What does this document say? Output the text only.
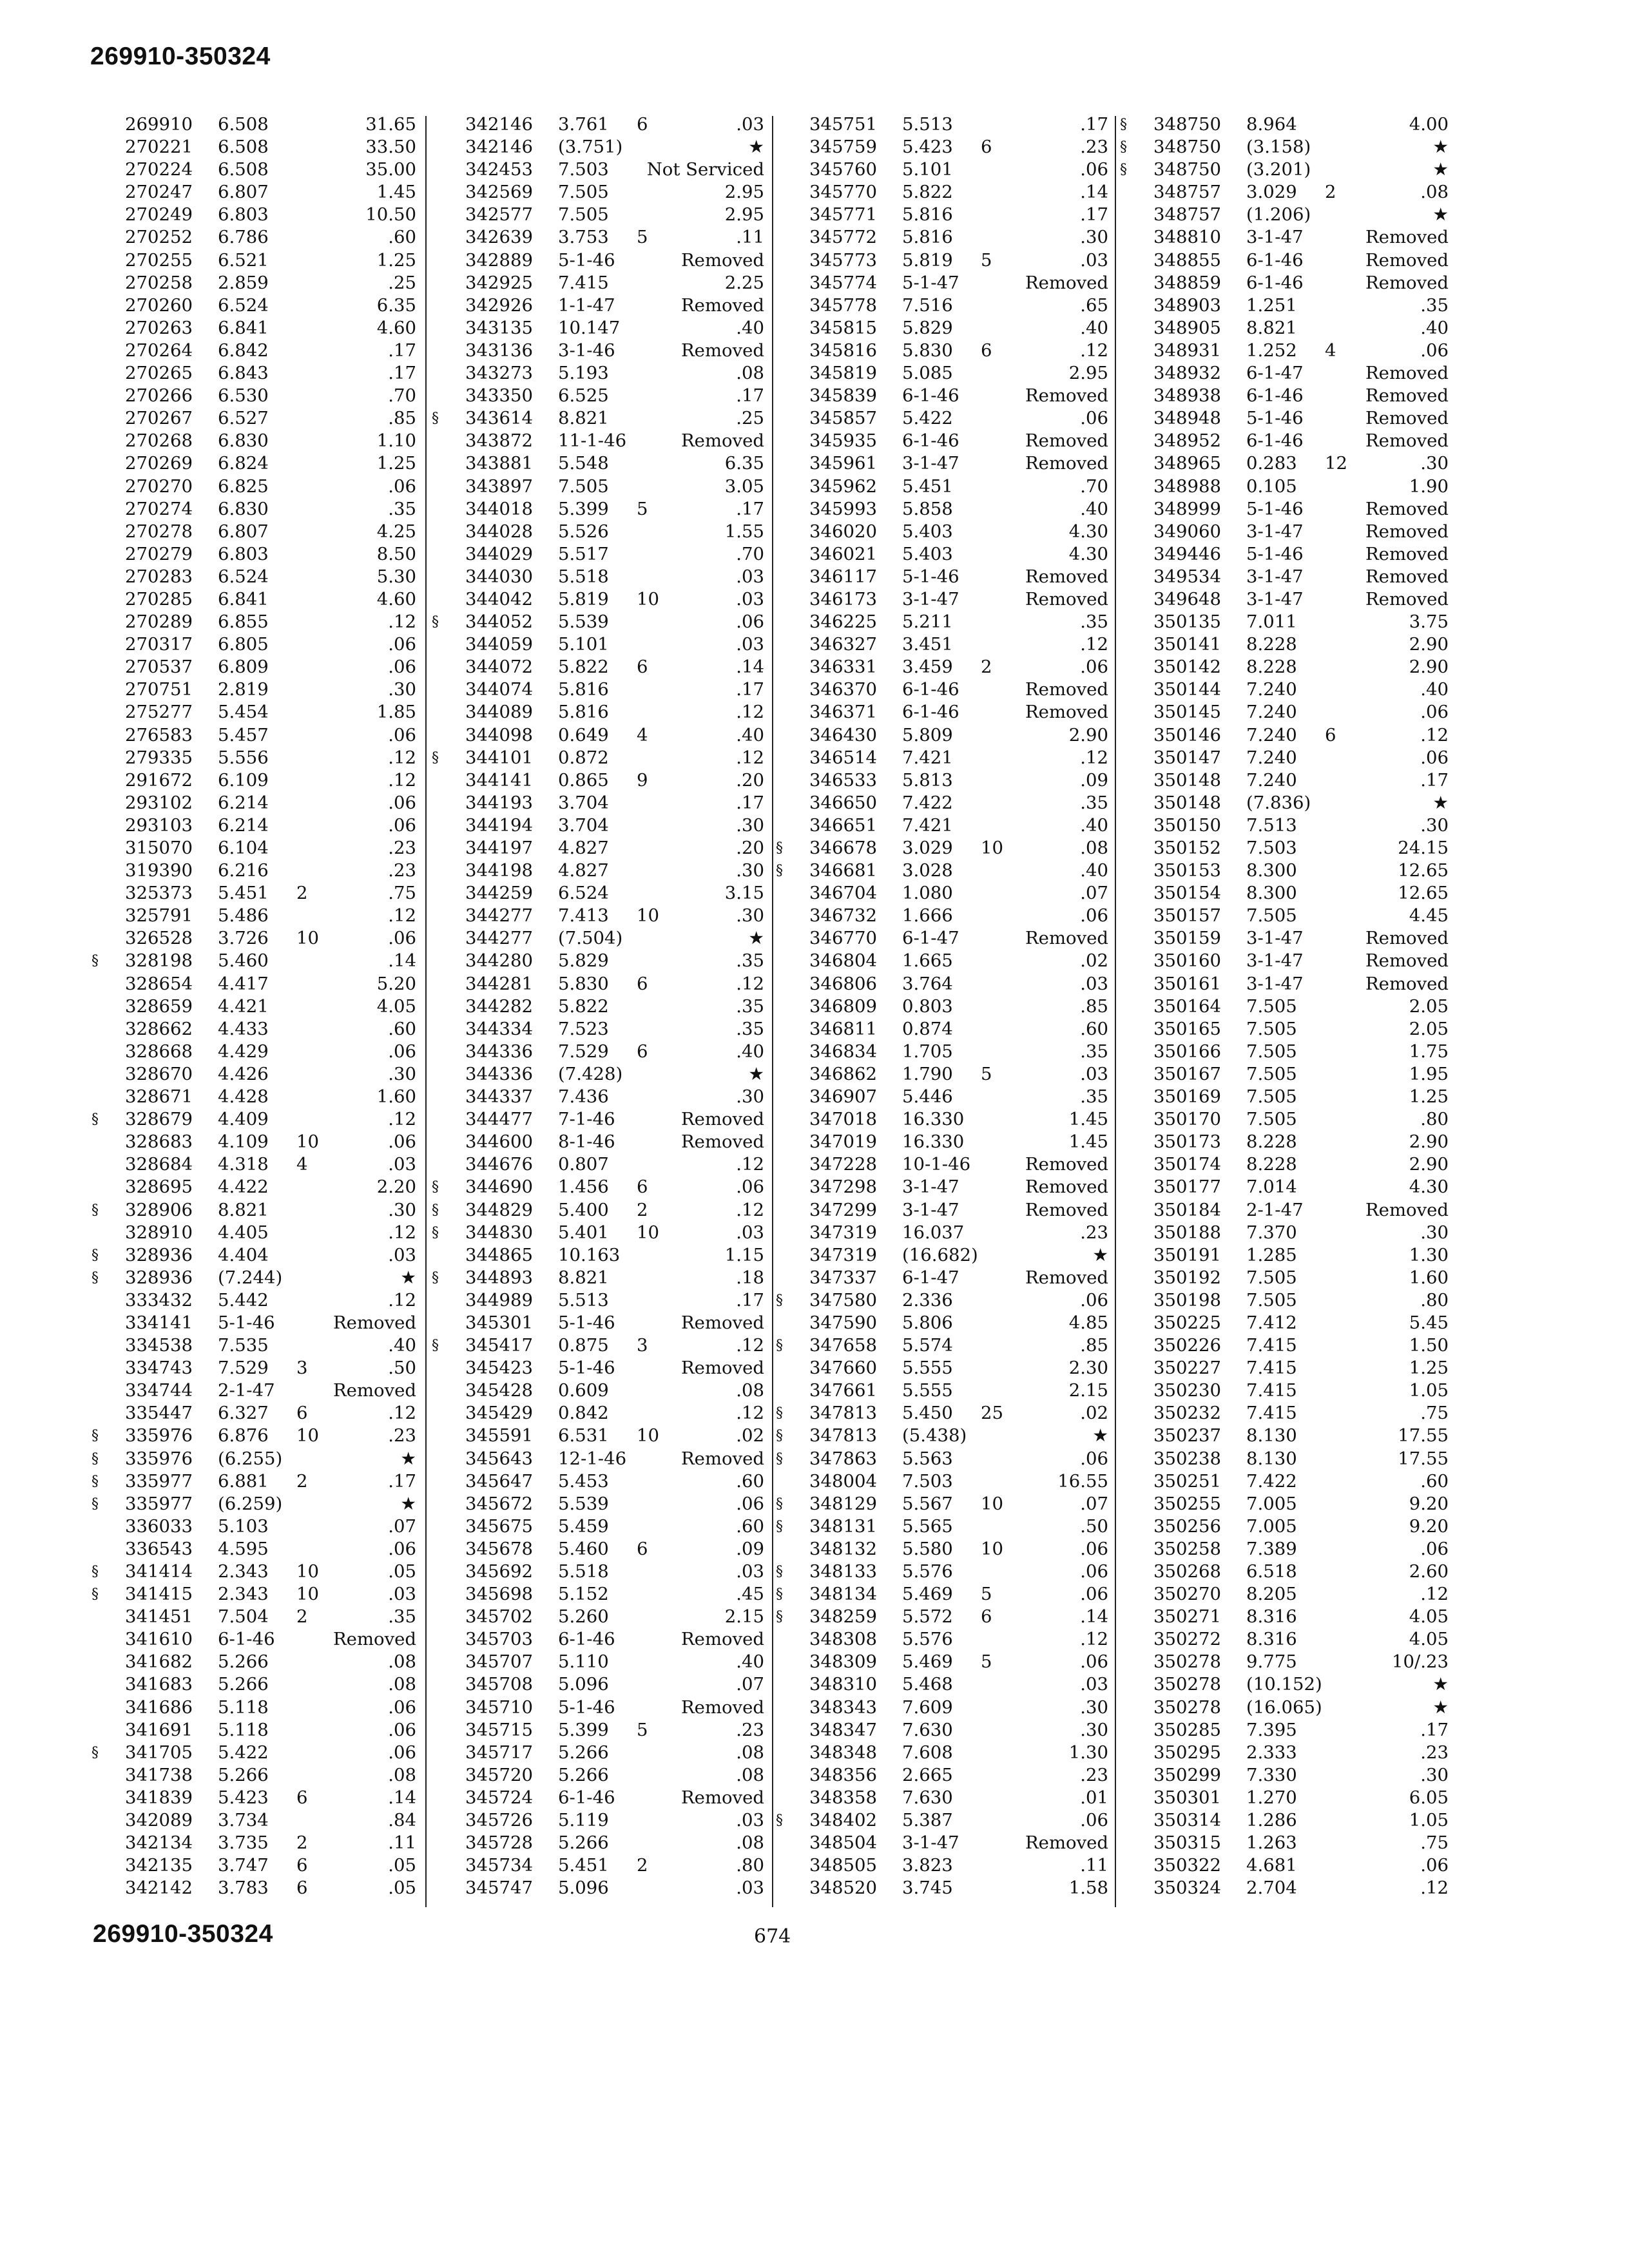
269910-350324
269910 6.508	31.65
270221 6.508	33.50
270224 6.508	35.00
270247 6.807	1.45
270249 6.803	10.50
270252 6.786	.60
270255 6.521	1.25
270258 2.859	.25
270260 6.524	6.35
270263 6.841	4.60
270264 6.842	.17
270265 6.843	.17
270266 6.530	.70
270267 6.527	.85
270268 6.830	1.10
270269 6.824	1.25
270270 6.825	.06
270274 6.830	.35
270278 6.807	4.25
270279 6.803	8.50
270283 6.524	5.30
270285 6.841	4.60
270289 6.855	.12
270317 6.805	.06
270537 6.809	.06
270751 2.819	.30
275277 5.454	1.85
276583 5.457	.06
279335 5.556	.12
291672 6.109	.12
293102 6.214	.06
293103 6.214	.06
315070 6.104	.23
319390 6.216	.23
325373 5.451 2	.75
325791 5.486	.12
326528 3.726 10	.06
§	328198 5.460	.14
328654 4.417	5.20
328659 4.421	4.05
328662 4.433	.60
328668 4.429	.06
328670 4.426	.30
328671 4.428	1.60
§	328679 4.409	.12
328683 4.109 10	.06
328684 4.318 4	.03
328695 4.422	2.20
§	328906 8.821	.30
328910 4.405	.12
§	328936 4.404	.03
§	328936 (7.244)	★
333432 5.442	.12
334141 5-1-46	Removed
334538 7.535	.40
334743 7.529 3	.50
334744 2-1-47	Removed
335447 6.327 6	.12
§	335976 6.876 10	.23
§	335976 (6.255)	★
§	335977 6.881 2	.17
§	335977 (6.259)	★
336033 5.103	.07
336543 4.595	.06
§	341414 2.343 10	.05
§	341415 2.343 10	.03
341451 7.504 2	.35
341610 6-1-46	Removed
341682 5.266	.08
341683 5.266	.08
341686 5.118	.06
341691 5.118	.06
§	341705 5.422	.06
341738 5.266	.08
341839 5.423 6	.14
342089 3.734	.84
342134 3.735 2	.11
342135 3.747 6	.05
342142 3.783 6	.05
342146 3.761 6	.03
342146 (3.751)	★
342453 7.503 Not Serviced
342569 7.505	2.95
342577 7.505	2.95
342639 3.753 5	.11
342889 5-1-46	Removed
342925 7.415	2.25
342926 1-1-47	Removed
343135 10.147	.40
343136 3-1-46	Removed
343273 5.193	.08
343350 6.525	.17
§	343614 8.821	.25
343872 11-1-46	Removed
343881 5.548	6.35
343897 7.505	3.05
344018 5.399 5	.17
344028 5.526	1.55
344029 5.517	.70
344030 5.518	.03
344042 5.819 10	.03
§	344052 5.539	.06
344059 5.101	.03
344072 5.822 6	.14
344074 5.816	.17
344089 5.816	.12
344098 0.649 4	.40
§	344101 0.872	.12
344141 0.865 9	.20
344193 3.704	.17
344194 3.704	.30
344197 4.827	.20
344198 4.827	.30
344259 6.524	3.15
344277 7.413 10	.30
344277 (7.504)	★
344280 5.829	.35
344281 5.830 6	.12
344282 5.822	.35
344334 7.523	.35
344336 7.529 6	.40
344336 (7.428)	★
344337 7.436	.30
344477 7-1-46	Removed
344600 8-1-46	Removed
344676 0.807	.12
§	344690 1.456 6	.06
§	344829 5.400 2	.12
§	344830 5.401 10	.03
344865 10.163	1.15
§	344893 8.821	.18
344989 5.513	.17
345301 5-1-46	Removed
§	345417 0.875 3	.12
345423 5-1-46	Removed
345428 0.609	.08
345429 0.842	.12
345591 6.531 10	.02
345643 12-1-46	Removed
345647 5.453	.60
345672 5.539	.06
345675 5.459	.60
345678 5.460 6	.09
345692 5.518	.03
345698 5.152	.45
345702 5.260	2.15
345703 6-1-46	Removed
345707 5.110	.40
345708 5.096	.07
345710 5-1-46	Removed
345715 5.399 5	.23
345717 5.266	.08
345720 5.266	.08
345724 6-1-46	Removed
345726 5.119	.03
345728 5.266	.08
345734 5.451 2	.80
345747 5.096	.03
345751 5.513	.17
345759 5.423 6	.23
345760 5.101	.06
345770 5.822	.14
345771 5.816	.17
345772 5.816	.30
345773 5.819 5	.03
345774 5-1-47	Removed
345778 7.516	.65
345815 5.829	.40
345816 5.830 6	.12
345819 5.085	2.95
345839 6-1-46	Removed
345857 5.422	.06
345935 6-1-46	Removed
345961 3-1-47	Removed
345962 5.451	.70
345993 5.858	.40
346020 5.403	4.30
346021 5.403	4.30
346117 5-1-46	Removed
346173 3-1-47	Removed
346225 5.211	.35
346327 3.451	.12
346331 3.459 2	.06
346370 6-1-46	Removed
346371 6-1-46	Removed
346430 5.809	2.90
346514 7.421	.12
346533 5.813	.09
346650 7.422	.35
346651 7.421	.40
§	346678 3.029 10	.08
§	346681 3.028	.40
346704 1.080	.07
346732 1.666	.06
346770 6-1-47	Removed
346804 1.665	.02
346806 3.764	.03
346809 0.803	.85
346811 0.874	.60
346834 1.705	.35
346862 1.790 5	.03
346907 5.446	.35
347018 16.330	1.45
347019 16.330	1.45
347228 10-1-46	Removed
347298 3-1-47	Removed
347299 3-1-47	Removed
347319 16.037	.23
347319 (16.682)	★
347337 6-1-47	Removed
§	347580 2.336	.06
347590 5.806	4.85
§	347658 5.574	.85
347660 5.555	2.30
347661 5.555	2.15
§	347813 5.450 25	.02
§	347813 (5.438)	★
§	347863 5.563	.06
348004 7.503	16.55
§	348129 5.567 10	.07
§	348131 5.565	.50
348132 5.580 10	.06
§	348133 5.576	.06
§	348134 5.469 5	.06
§	348259 5.572 6	.14
348308 5.576	.12
348309 5.469 5	.06
348310 5.468	.03
348343 7.609	.30
348347 7.630	.30
348348 7.608	1.30
348356 2.665	.23
348358 7.630	.01
§	348402 5.387	.06
348504 3-1-47	Removed
348505 3.823	.11
348520 3.745	1.58
§	348750 8.964	4.00
§	348750 (3.158)	★
§	348750 (3.201)	★
348757 3.029 2	.08
348757 (1.206)	★
348810 3-1-47	Removed
348855 6-1-46	Removed
348859 6-1-46	Removed
348903 1.251	.35
348905 8.821	.40
348931 1.252 4	.06
348932 6-1-47	Removed
348938 6-1-46	Removed
348948 5-1-46	Removed
348952 6-1-46	Removed
348965 0.283 12	.30
348988 0.105	1.90
348999 5-1-46	Removed
349060 3-1-47	Removed
349446 5-1-46	Removed
349534 3-1-47	Removed
349648 3-1-47	Removed
350135 7.011	3.75
350141 8.228	2.90
350142 8.228	2.90
350144 7.240	.40
350145 7.240	.06
350146 7.240 6	.12
350147 7.240	.06
350148 7.240	.17
350148 (7.836)	★
350150 7.513	.30
350152 7.503	24.15
350153 8.300	12.65
350154 8.300	12.65
350157 7.505	4.45
350159 3-1-47	Removed
350160 3-1-47	Removed
350161 3-1-47	Removed
350164 7.505	2.05
350165 7.505	2.05
350166 7.505	1.75
350167 7.505	1.95
350169 7.505	1.25
350170 7.505	.80
350173 8.228	2.90
350174 8.228	2.90
350177 7.014	4.30
350184 2-1-47	Removed
350188 7.370	.30
350191 1.285	1.30
350192 7.505	1.60
350198 7.505	.80
350225 7.412	5.45
350226 7.415	1.50
350227 7.415	1.25
350230 7.415	1.05
350232 7.415	.75
350237 8.130	17.55
350238 8.130	17.55
350251 7.422	.60
350255 7.005	9.20
350256 7.005	9.20
350258 7.389	.06
350268 6.518	2.60
350270 8.205	.12
350271 8.316	4.05
350272 8.316	4.05
350278 9.775	10/.23
350278 (10.152)	★
350278 (16.065)	★
350285 7.395	.17
350295 2.333	.23
350299 7.330	.30
350301 1.270	6.05
350314 1.286	1.05
350315 1.263	.75
350322 4.681	.06
350324 2.704	.12
269910-350324	674
